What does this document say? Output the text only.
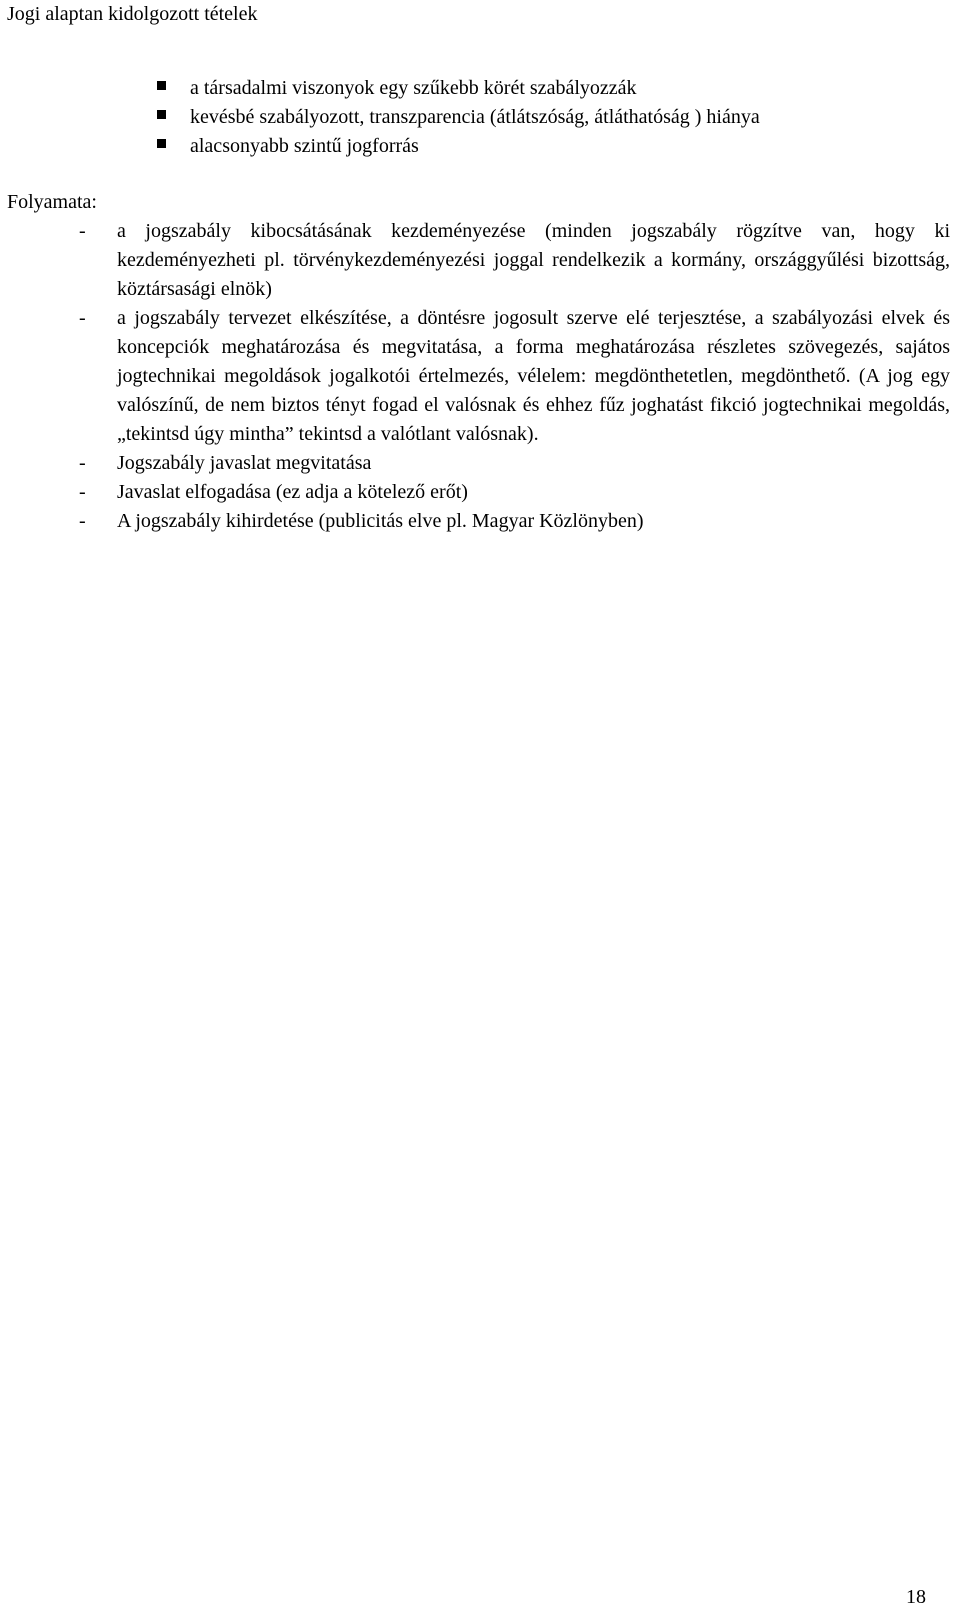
Jogi alaptan kidolgozott tételek
a társadalmi viszonyok egy szűkebb körét szabályozzák
kevésbé szabályozott, transzparencia (átlátszóság, átláthatóság ) hiánya
alacsonyabb szintű jogforrás
Folyamata:
- a jogszabály kibocsátásának kezdeményezése (minden jogszabály rögzítve van, hogy ki kezdeményezheti pl. törvénykezdeményezési joggal rendelkezik a kormány, országgyűlési bizottság, köztársasági elnök)
- a jogszabály tervezet elkészítése, a döntésre jogosult szerve elé terjesztése, a szabályozási elvek és koncepciók meghatározása és megvitatása, a forma meghatározása részletes szövegezés, sajátos jogtechnikai megoldások jogalkotói értelmezés, vélelem: megdönthetetlen, megdönthető. (A jog egy valószínű, de nem biztos tényt fogad el valósnak és ehhez fűz joghatást fikció jogtechnikai megoldás, „tekintsd úgy mintha” tekintsd a valótlant valósnak).
- Jogszabály javaslat megvitatása
- Javaslat elfogadása (ez adja a kötelező erőt)
- A jogszabály kihirdetése (publicitás elve pl. Magyar Közlönyben)
18
